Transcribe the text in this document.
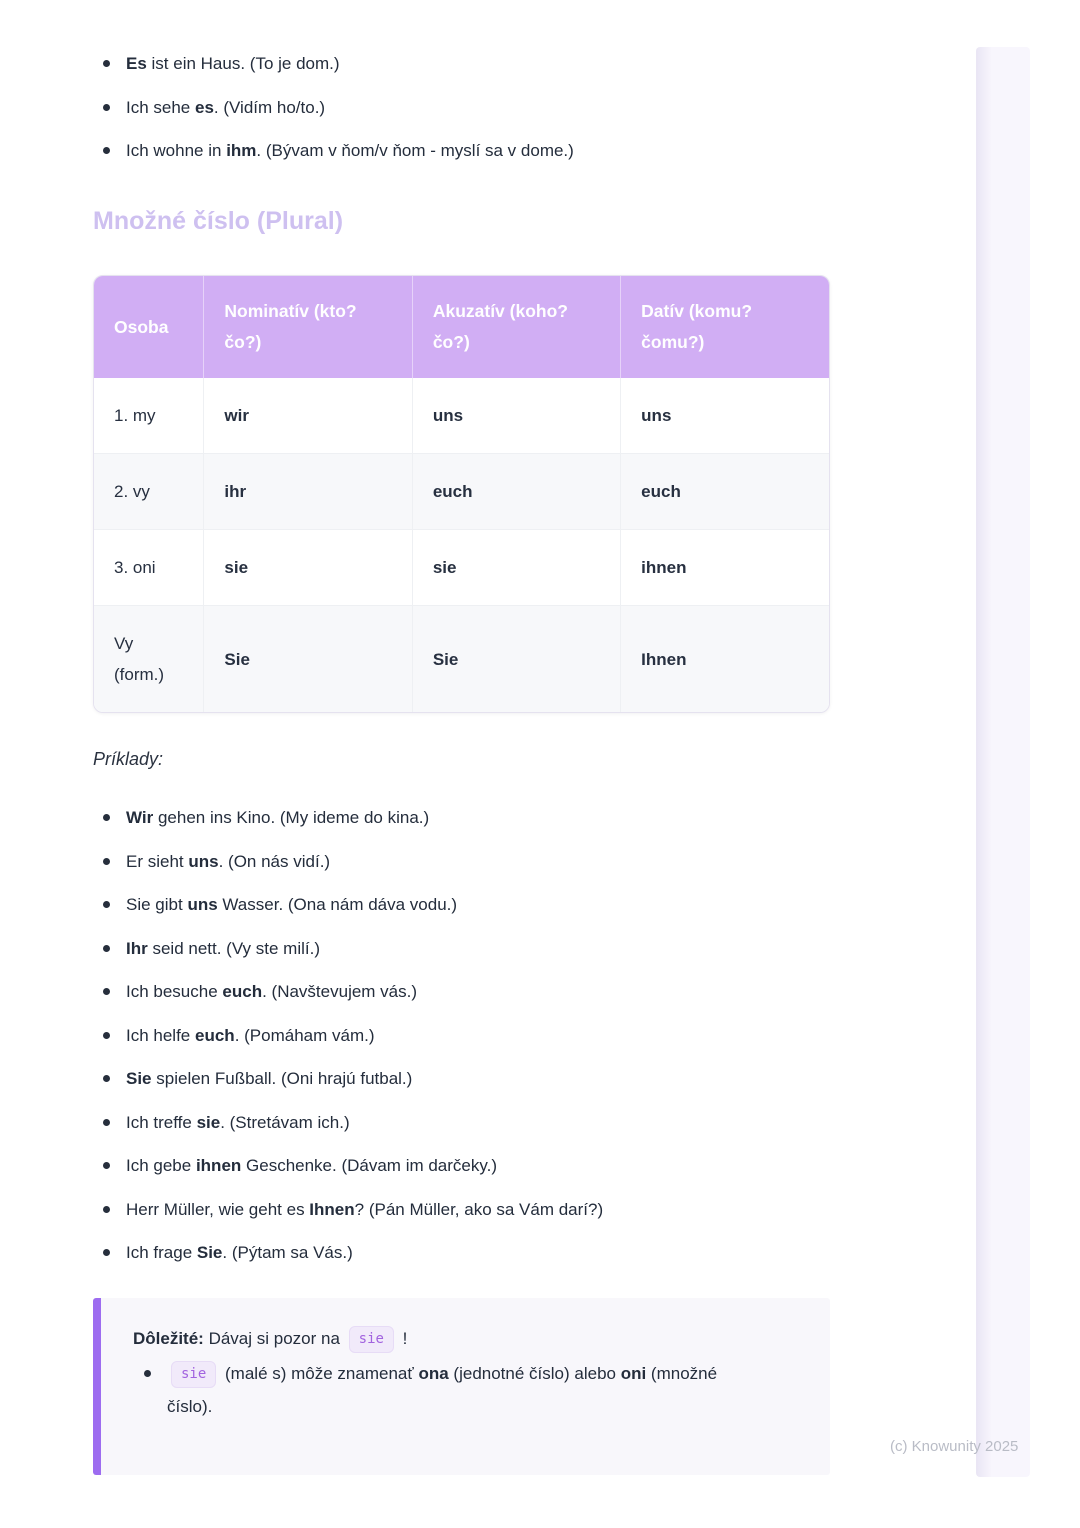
Es ist ein Haus. (To je dom.)
Ich sehe es. (Vidím ho/to.)
Ich wohne in ihm. (Bývam v ňom/v ňom - myslí sa v dome.)
Množné číslo (Plural)
Osoba	Nominatív (kto? čo?)	Akuzatív (koho? čo?)	Datív (komu? čomu?)
1. my	wir	uns	uns
2. vy	ihr	euch	euch
3. oni	sie	sie	ihnen
Vy (form.)	Sie	Sie	Ihnen

Príklady:

Wir gehen ins Kino. (My ideme do kina.)
Er sieht uns. (On nás vidí.)
Sie gibt uns Wasser. (Ona nám dáva vodu.)
Ihr seid nett. (Vy ste milí.)
Ich besuche euch. (Navštevujem vás.)
Ich helfe euch. (Pomáham vám.)
Sie spielen Fußball. (Oni hrajú futbal.)
Ich treffe sie. (Stretávam ich.)
Ich gebe ihnen Geschenke. (Dávam im darčeky.)
Herr Müller, wie geht es Ihnen? (Pán Müller, ako sa Vám darí?)
Ich frage Sie. (Pýtam sa Vás.)

Dôležité: Dávaj si pozor na sie !

sie (malé s) môže znamenať ona (jednotné číslo) alebo oni (množné číslo).
(c) Knowunity 2025
